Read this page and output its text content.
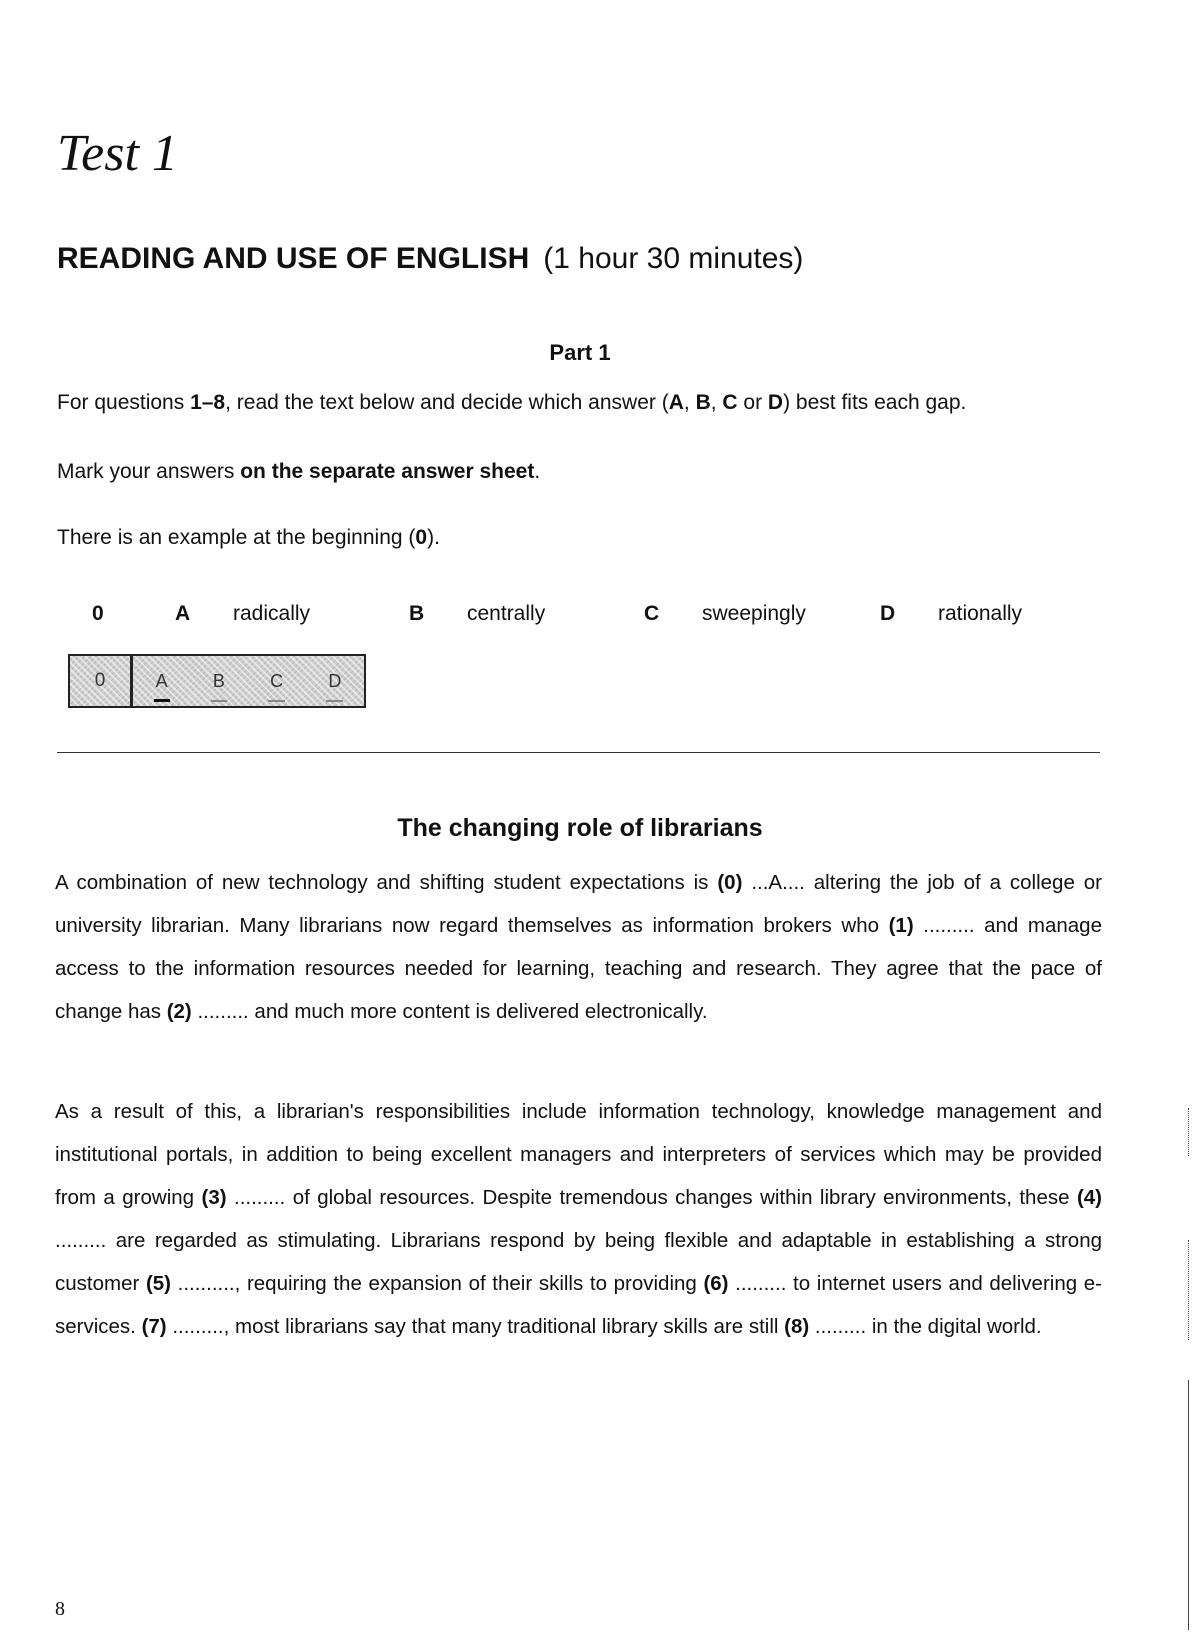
Test 1
READING AND USE OF ENGLISH (1 hour 30 minutes)
Part 1
For questions 1–8, read the text below and decide which answer (A, B, C or D) best fits each gap.
Mark your answers on the separate answer sheet.
There is an example at the beginning (0).
0	A radically	B centrally	C sweepingly	D rationally
0	A	B	C	D
The changing role of librarians

A combination of new technology and shifting student expectations is (0) ...A.... altering the job of a college or university librarian. Many librarians now regard themselves as information brokers who (1) ......... and manage access to the information resources needed for learning, teaching and research. They agree that the pace of change has (2) ......... and much more content is delivered electronically.

As a result of this, a librarian's responsibilities include information technology, knowledge management and institutional portals, in addition to being excellent managers and interpreters of services which may be provided from a growing (3) ......... of global resources. Despite tremendous changes within library environments, these (4) ......... are regarded as stimulating. Librarians respond by being flexible and adaptable in establishing a strong customer (5) .........., requiring the expansion of their skills to providing (6) ......... to internet users and delivering e-services. (7) ........., most librarians say that many traditional library skills are still (8) ......... in the digital world.

8
